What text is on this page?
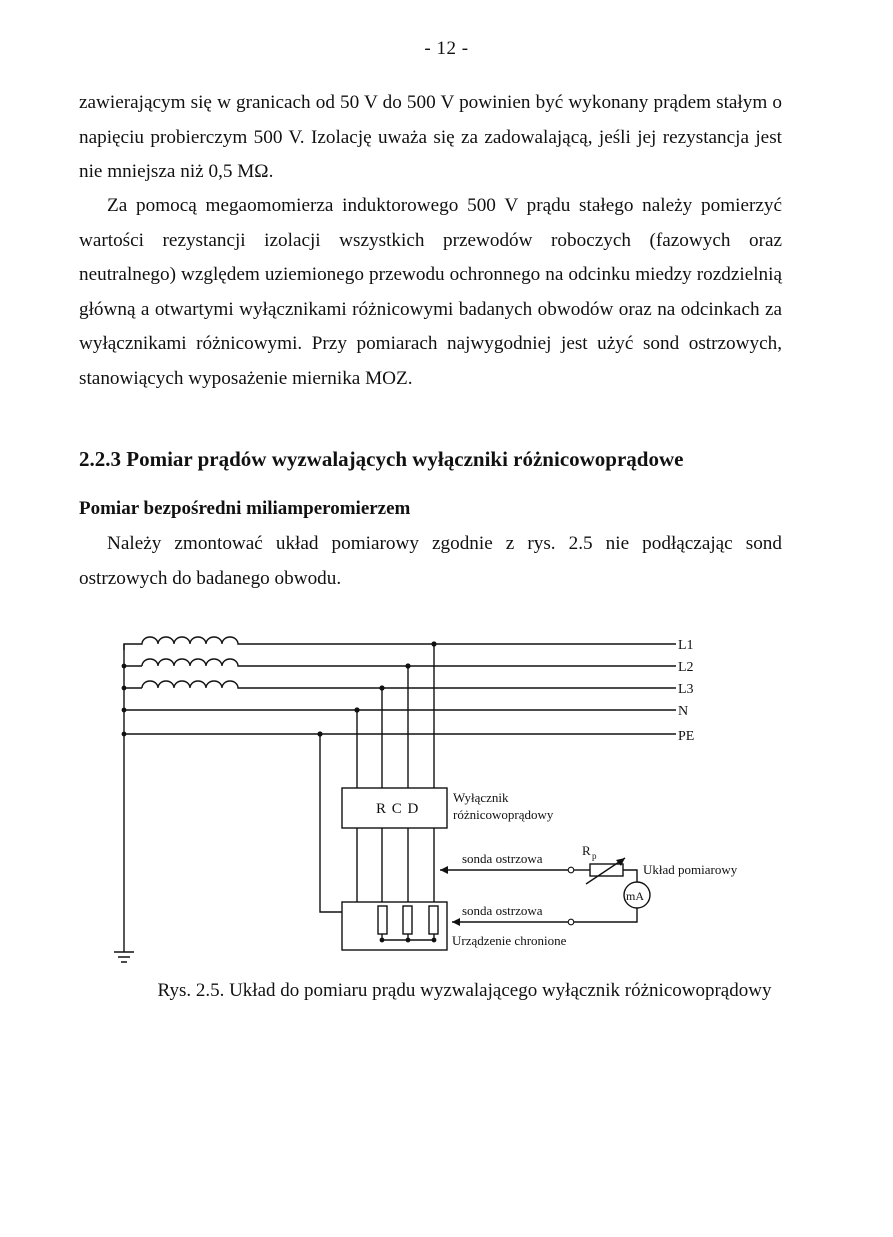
- 12 -

zawierającym się w granicach od 50 V do 500 V powinien być wykonany prądem stałym o napięciu probierczym 500 V. Izolację uważa się za zadowalającą, jeśli jej rezystancja jest nie mniejsza niż 0,5 MΩ.

Za pomocą megaomomierza induktorowego 500 V prądu stałego należy pomierzyć wartości rezystancji izolacji wszystkich przewodów roboczych (fazowych oraz neutralnego) względem uziemionego przewodu ochronnego na odcinku miedzy rozdzielnią główną a otwartymi wyłącznikami różnicowymi badanych obwodów oraz na odcinkach za wyłącznikami różnicowymi. Przy pomiarach najwygodniej jest użyć sond ostrzowych, stanowiących wyposażenie miernika MOZ.

2.2.3 Pomiar prądów wyzwalających wyłączniki różnicowoprądowe
Pomiar bezpośredni miliamperomierzem

Należy zmontować układ pomiarowy zgodnie z rys. 2.5 nie podłączając sond ostrzowych do badanego obwodu.

L1
L2
L3
N
PE
R C D
Wyłącznik
różnicowoprądowy
sonda ostrzowa
sonda ostrzowa
R p
Układ pomiarowy
mA
Urządzenie chronione

Rys. 2.5. Układ do pomiaru prądu wyzwalającego wyłącznik różnicowoprądowy
